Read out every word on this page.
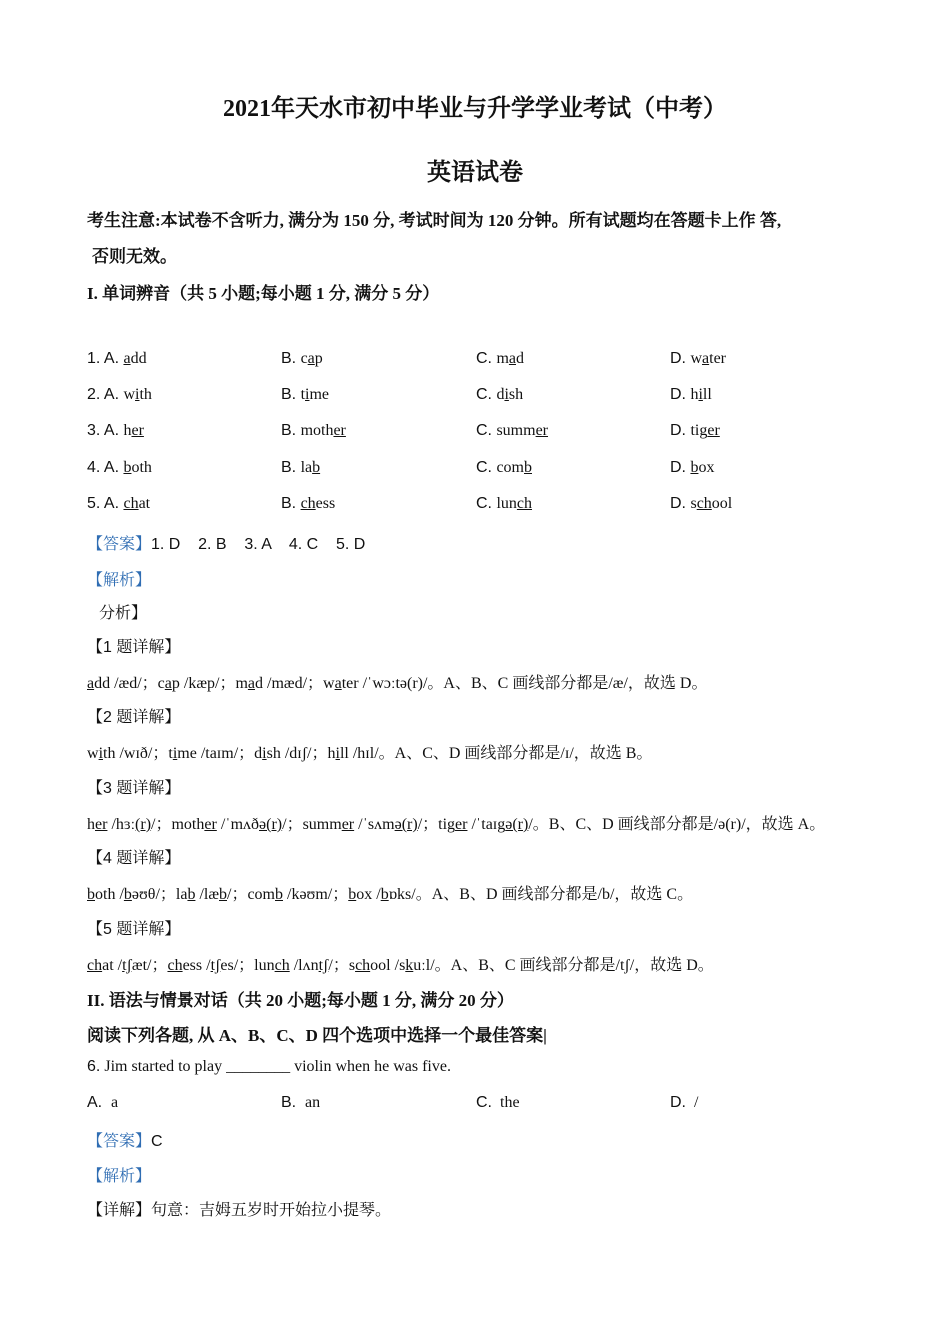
2021年天水市初中毕业与升学学业考试（中考）
英语试卷
考生注意:本试卷不含听力, 满分为 150 分, 考试时间为 120 分钟。所有试题均在答题卡上作 答,
否则无效。
I. 单词辨音（共 5 小题;每小题 1 分, 满分 5 分）
1. A. add	B. cap	C. mad	D. water
2. A. with	B. time	C. dish	D. hill
3. A. her	B. mother	C. summer	D. tiger
4. A. both	B. lab	C. comb	D. box
5. A. chat	B. chess	C. lunch	D. school
【答案】1. D    2. B    3. A    4. C    5. D
【解析】
分析】
【1 题详解】
add /æd/；cap /kæp/；mad /mæd/；water /ˈwɔːtə(r)/。A、B、C 画线部分都是/æ/，故选 D。
【2 题详解】
with /wɪð/；time /taɪm/；dish /dɪʃ/；hill /hɪl/。A、C、D 画线部分都是/ɪ/，故选 B。
【3 题详解】
her /hɜː(r)/；mother /ˈmʌðə(r)/；summer /ˈsʌmə(r)/；tiger /ˈtaɪgə(r)/。B、C、D 画线部分都是/ə(r)/，故选 A。
【4 题详解】
both /bəʊθ/；lab /læb/；comb /kəʊm/；box /bɒks/。A、B、D 画线部分都是/b/，故选 C。
【5 题详解】
chat /tʃæt/；chess /tʃes/；lunch /lʌntʃ/；school /skuːl/。A、B、C 画线部分都是/tʃ/，故选 D。
II. 语法与情景对话（共 20 小题;每小题 1 分, 满分 20 分）
阅读下列各题, 从 A、B、C、D 四个选项中选择一个最佳答案|
6. Jim started to play ________ violin when he was five.
A. a	B. an	C. the	D. /
【答案】C
【解析】
【详解】句意：吉姆五岁时开始拉小提琴。
